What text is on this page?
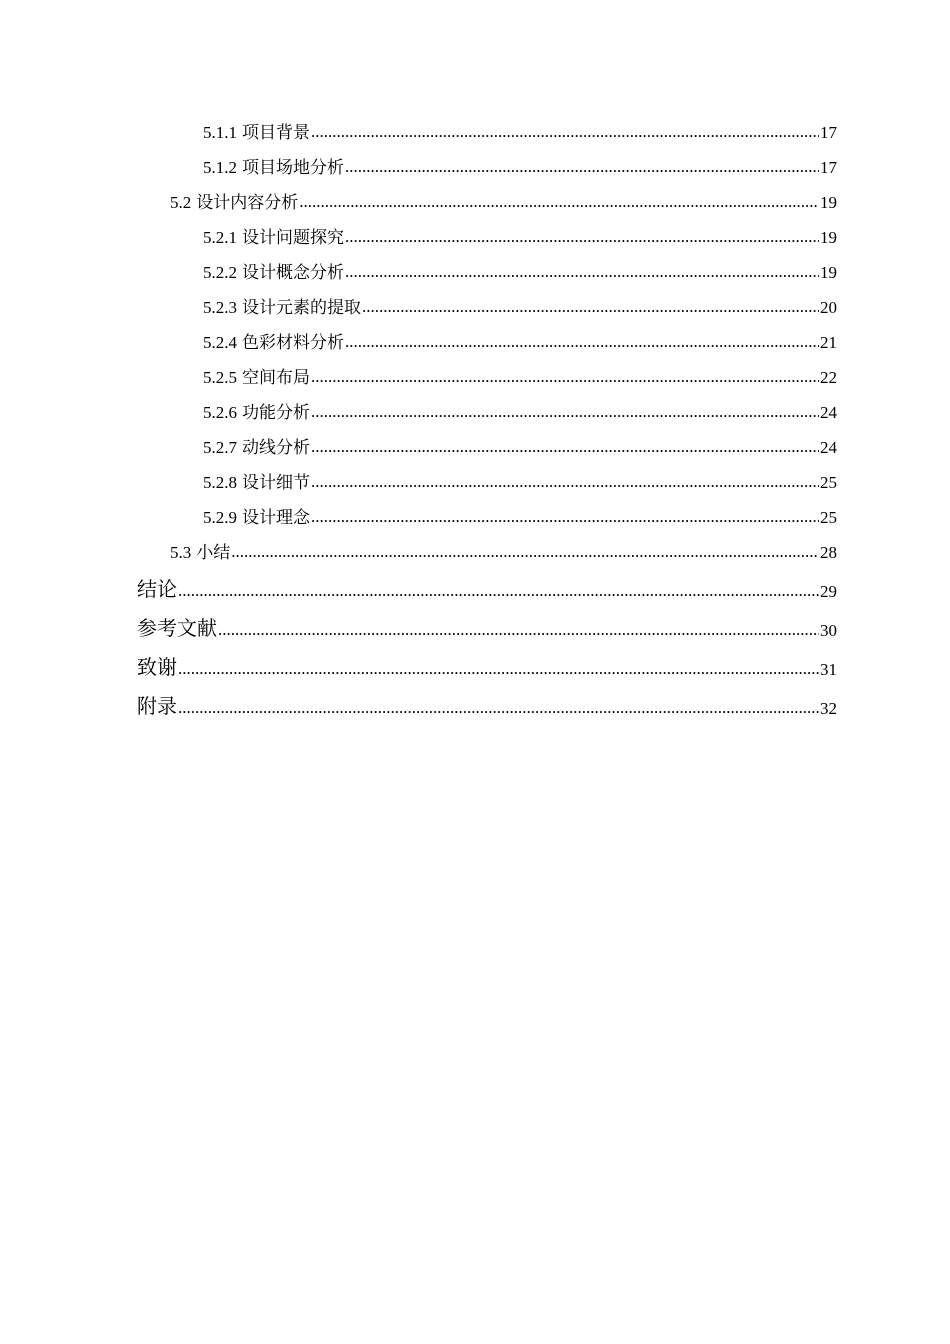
5.1.1 项目背景 .....	17
5.1.2 项目场地分析 .....	17
5.2 设计内容分析 .....	19
5.2.1 设计问题探究 .....	19
5.2.2 设计概念分析 .....	19
5.2.3 设计元素的提取 .....	20
5.2.4 色彩材料分析 .....	21
5.2.5 空间布局 .....	22
5.2.6 功能分析 .....	24
5.2.7 动线分析 .....	24
5.2.8 设计细节 .....	25
5.2.9 设计理念 .....	25
5.3 小结 .....	28
结论 .....	29
参考文献 .....	30
致谢 .....	31
附录 .....	32
